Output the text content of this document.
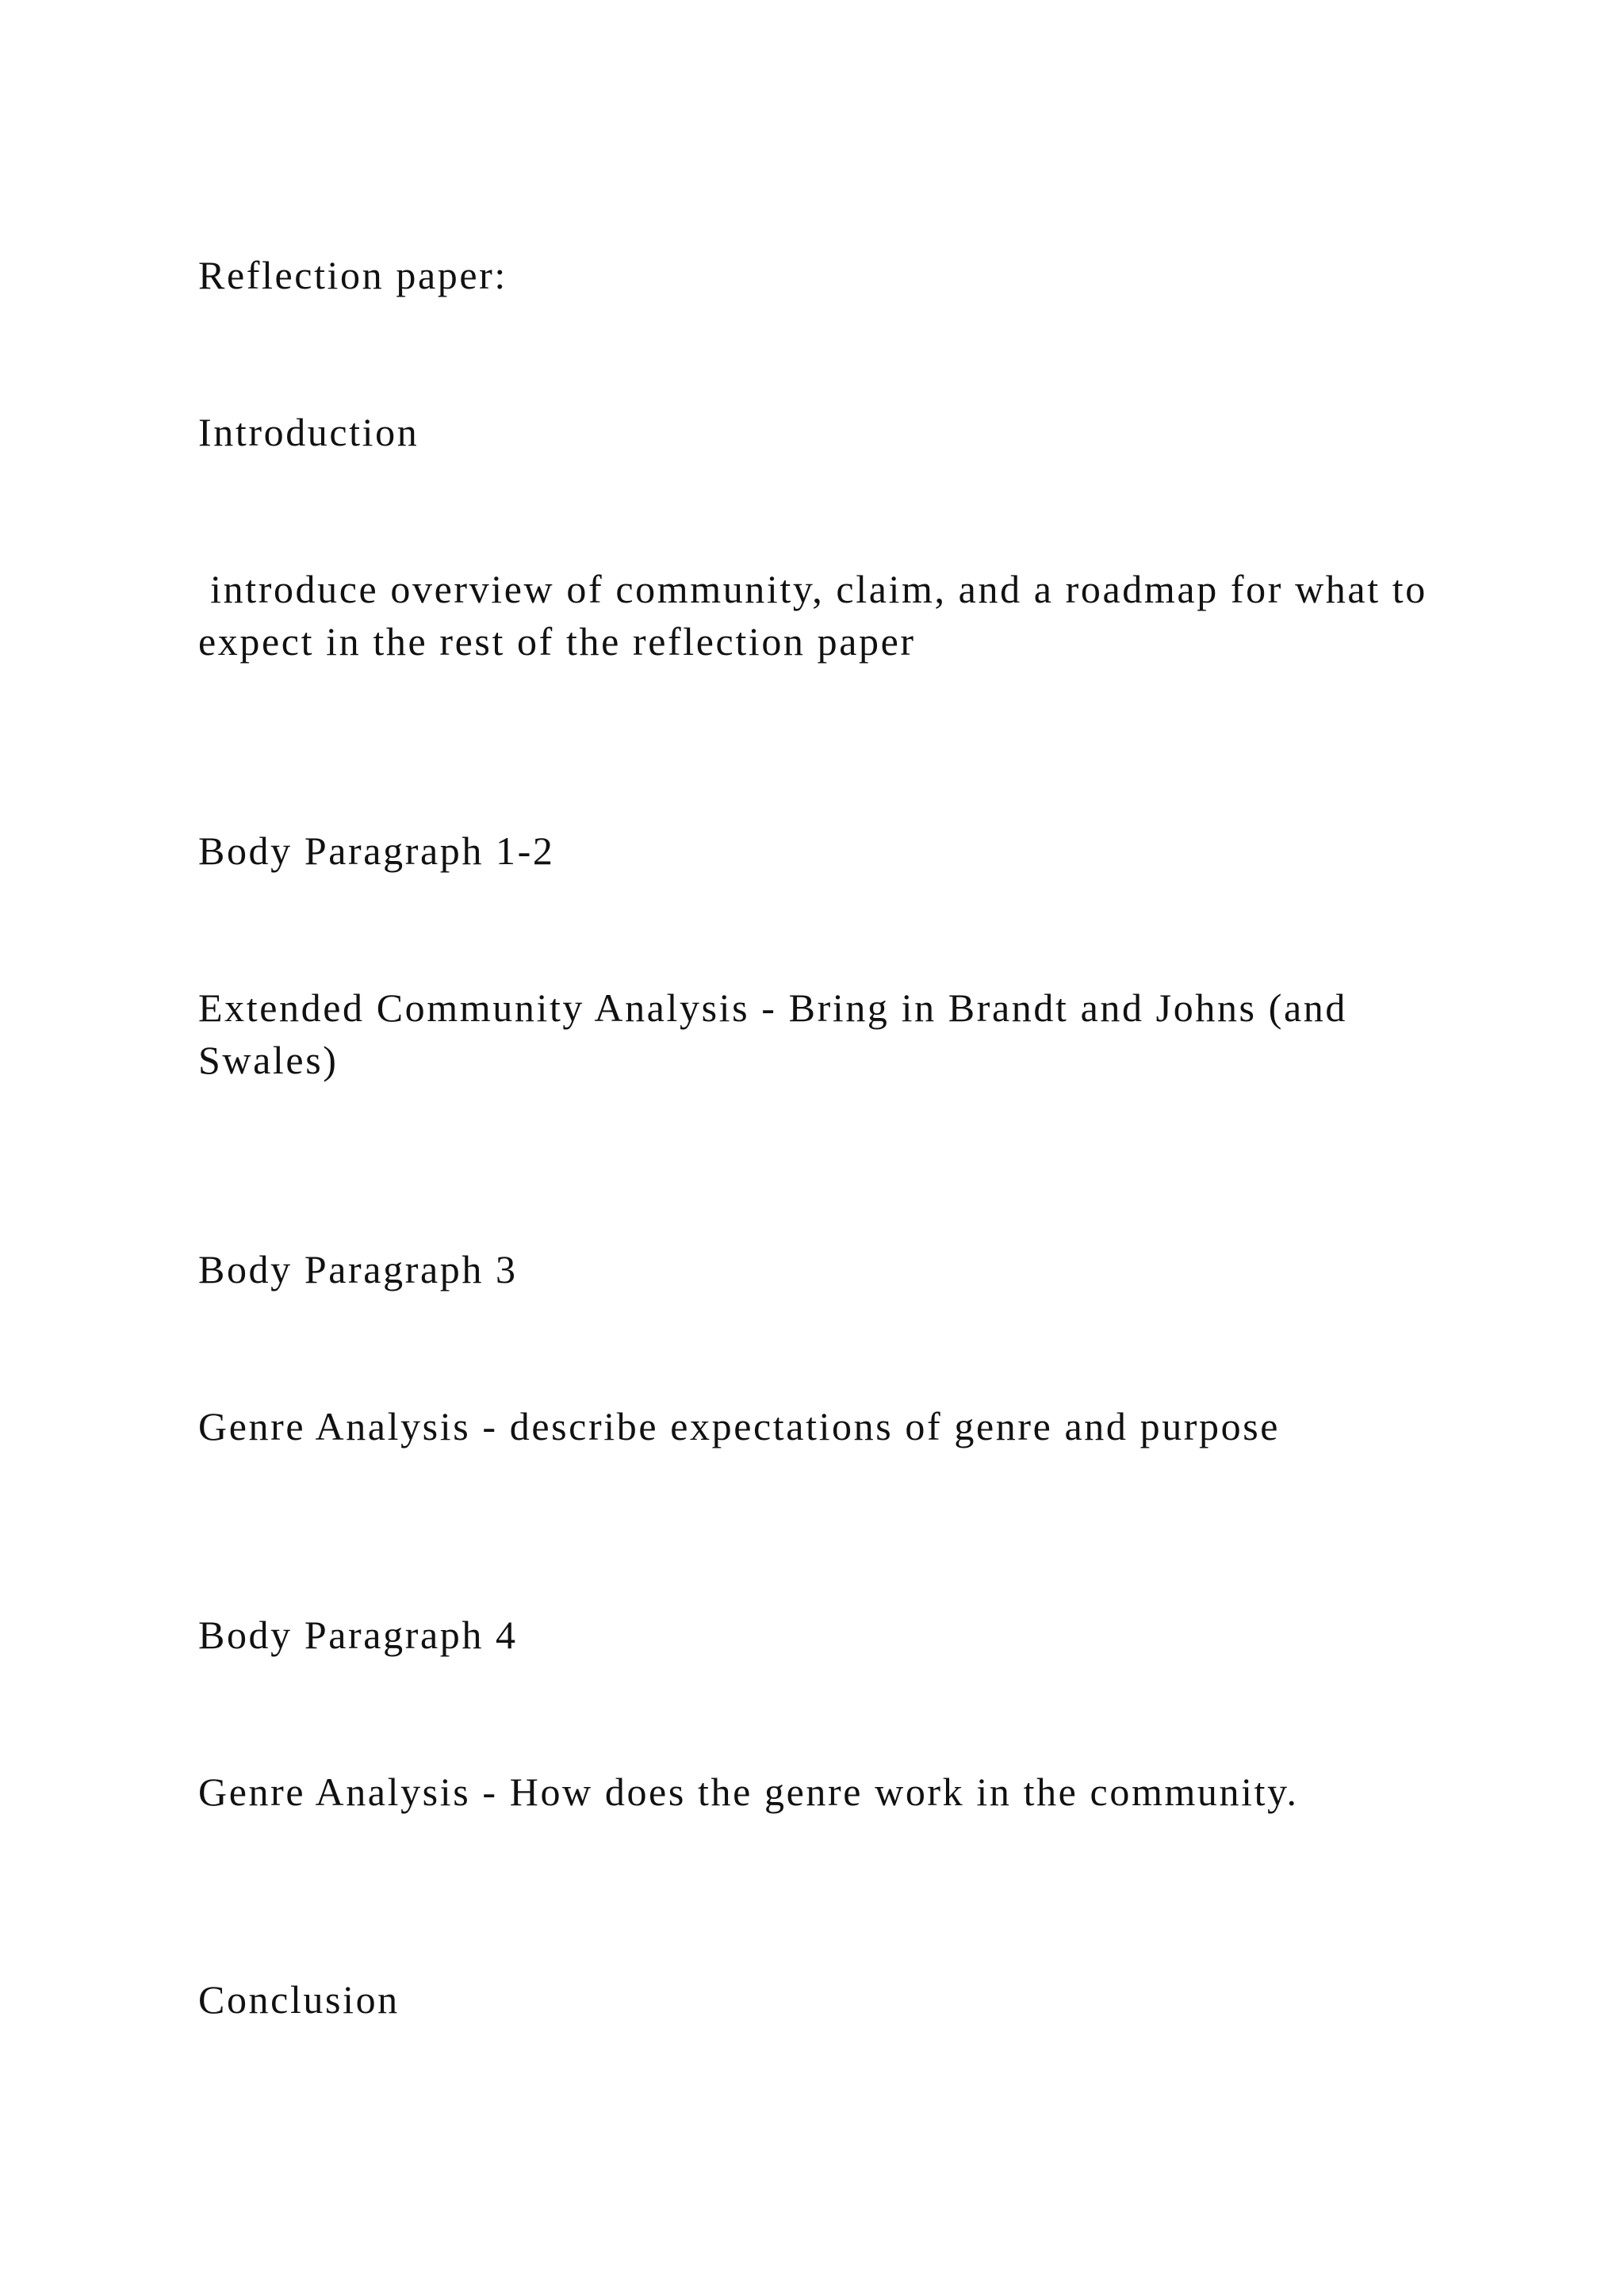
Reflection paper:

Introduction

introduce overview of community, claim, and a roadmap for what to expect in the rest of the reflection paper

Body Paragraph 1-2

Extended Community Analysis - Bring in Brandt and Johns (and Swales)

Body Paragraph 3

Genre Analysis - describe expectations of genre and purpose

Body Paragraph 4

Genre Analysis - How does the genre work in the community.

Conclusion
